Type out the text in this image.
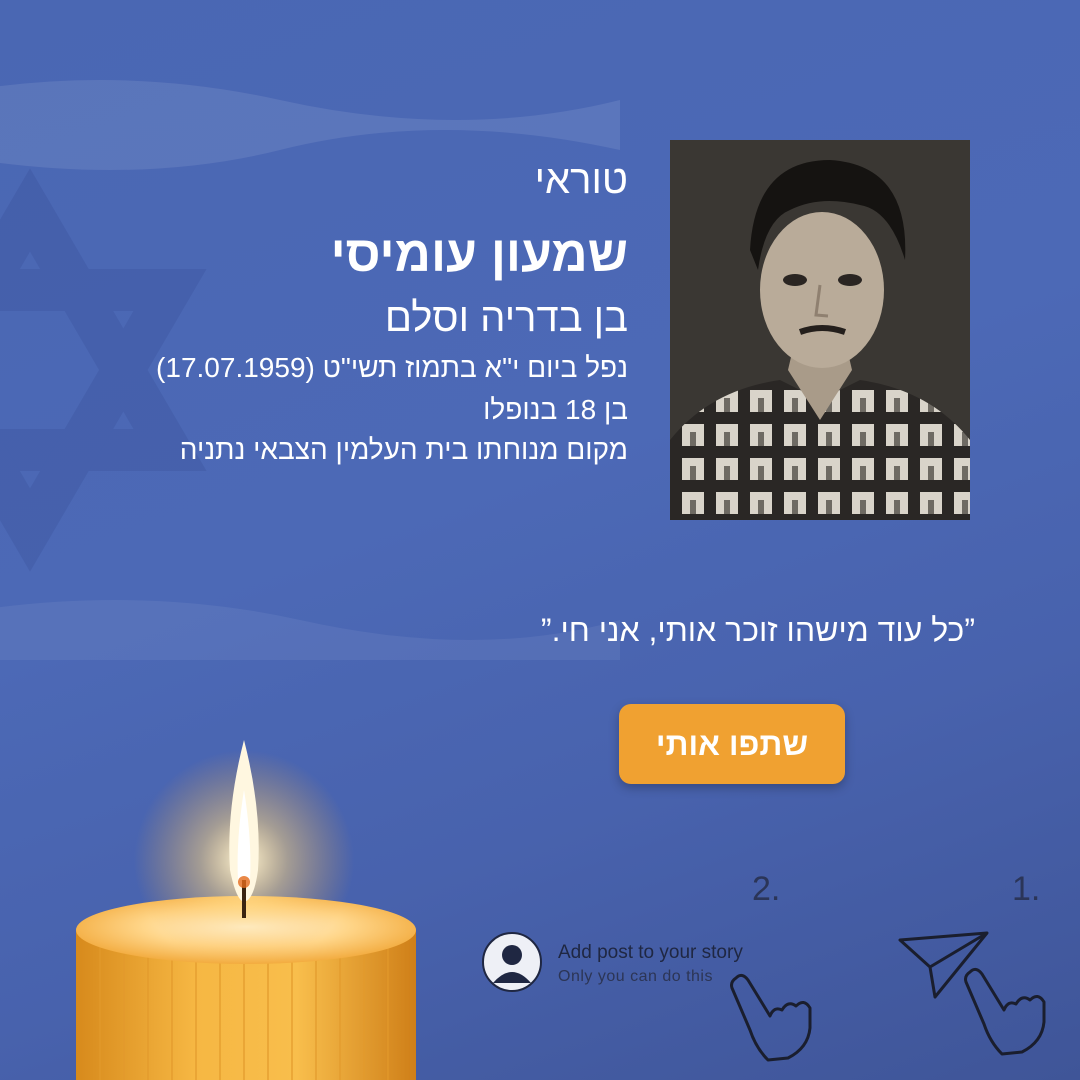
טוראי
שמעון עומיסי
בן בדריה וסלם
נפל ביום י"א בתמוז תשי"ט (17.07.1959)
בן 18 בנופלו
מקום מנוחתו בית העלמין הצבאי נתניה
”כל עוד מישהו זוכר אותי, אני חי.”
שתפו אותי
2.	1.
Add post to your story
Only you can do this
